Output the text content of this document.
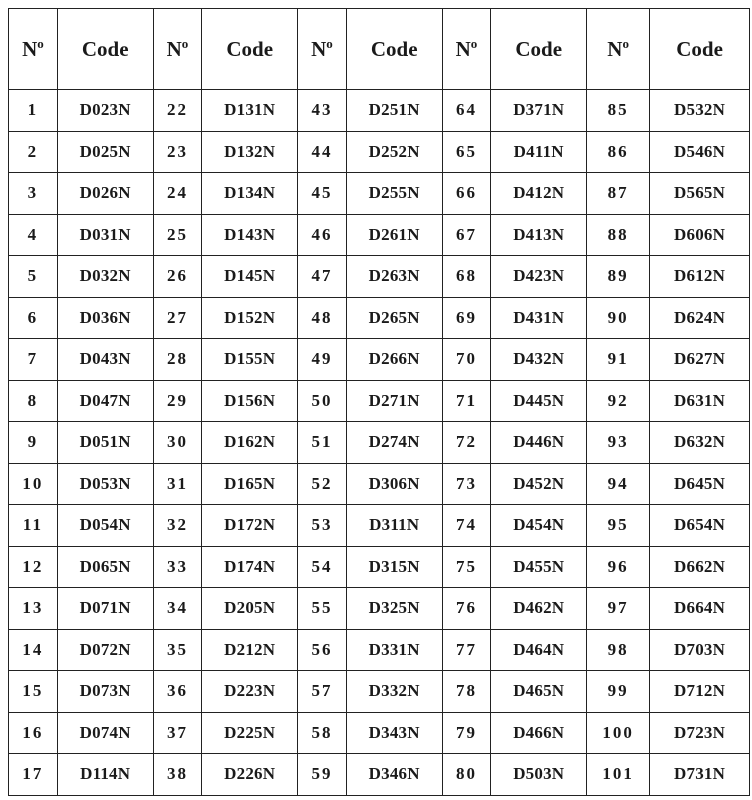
$N^o$	Code	$N^o$	Code	$N^o$	Code	$N^o$	Code	$N^o$	Code
1	D023N	22	D131N	43	D251N	64	D371N	85	D532N
2	D025N	23	D132N	44	D252N	65	D411N	86	D546N
3	D026N	24	D134N	45	D255N	66	D412N	87	D565N
4	D031N	25	D143N	46	D261N	67	D413N	88	D606N
5	D032N	26	D145N	47	D263N	68	D423N	89	D612N
6	D036N	27	D152N	48	D265N	69	D431N	90	D624N
7	D043N	28	D155N	49	D266N	70	D432N	91	D627N
8	D047N	29	D156N	50	D271N	71	D445N	92	D631N
9	D051N	30	D162N	51	D274N	72	D446N	93	D632N
10	D053N	31	D165N	52	D306N	73	D452N	94	D645N
11	D054N	32	D172N	53	D311N	74	D454N	95	D654N
12	D065N	33	D174N	54	D315N	75	D455N	96	D662N
13	D071N	34	D205N	55	D325N	76	D462N	97	D664N
14	D072N	35	D212N	56	D331N	77	D464N	98	D703N
15	D073N	36	D223N	57	D332N	78	D465N	99	D712N
16	D074N	37	D225N	58	D343N	79	D466N	100	D723N
17	D114N	38	D226N	59	D346N	80	D503N	101	D731N
